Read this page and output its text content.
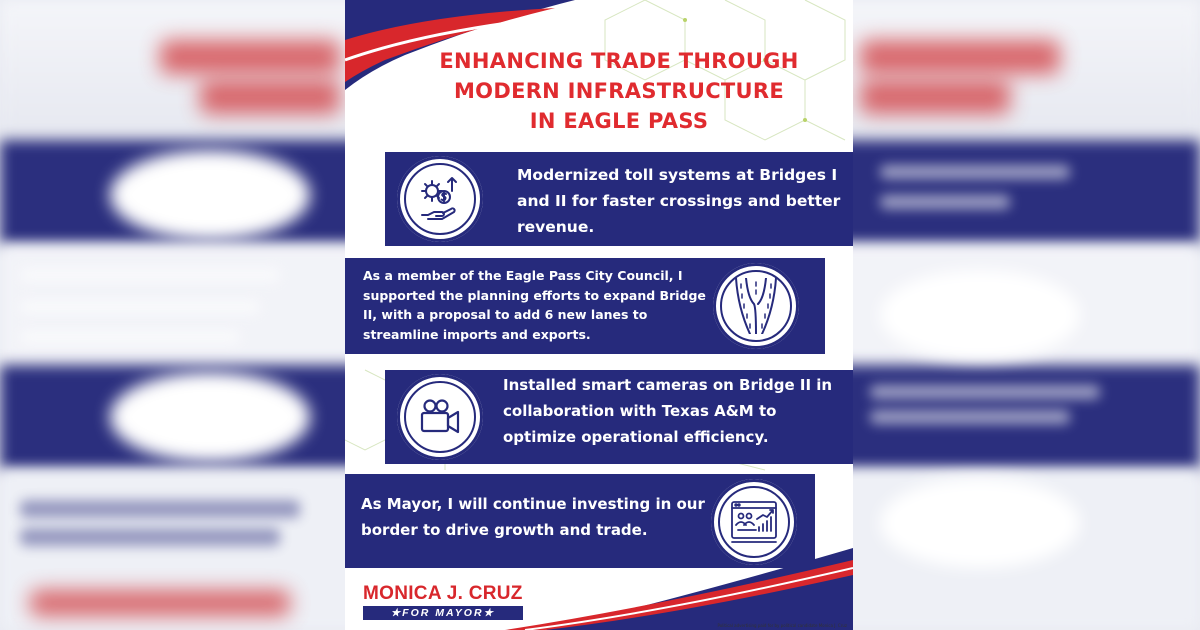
ENHANCING TRADE THROUGH
MODERN INFRASTRUCTURE
IN EAGLE PASS
Modernized toll systems at Bridges I and II for faster crossings and better revenue.
As a member of the Eagle Pass City Council, I supported the planning efforts to expand Bridge II, with a proposal to add 6 new lanes to streamline imports and exports.
Installed smart cameras on Bridge II in collaboration with Texas A&M to optimize operational efficiency.
As Mayor, I will continue investing in our border to drive growth and trade.
MONICA J. CRUZ
★FOR MAYOR★
Political advertising paid for by political candidate Monica J. Cruz
